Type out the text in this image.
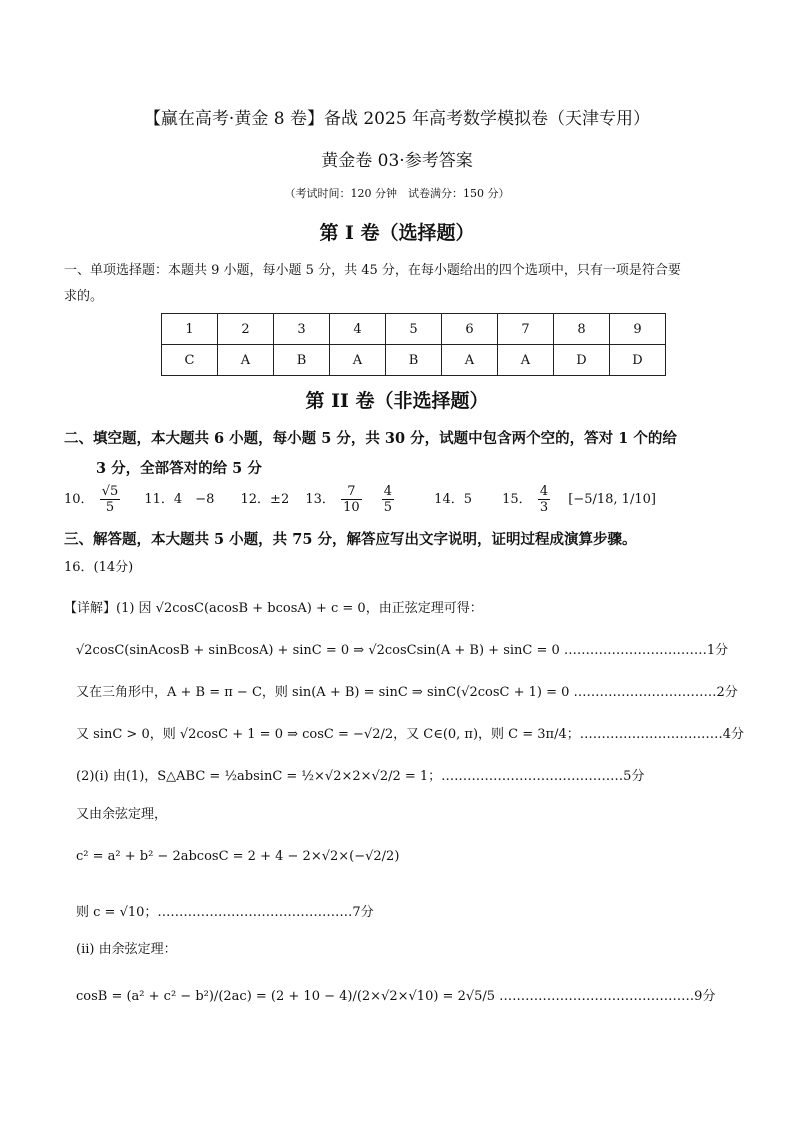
【赢在高考·黄金 8 卷】备战 2025 年高考数学模拟卷（天津专用）
黄金卷 03·参考答案
（考试时间：120 分钟　试卷满分：150 分）
第 I 卷（选择题）
一、单项选择题：本题共 9 小题，每小题 5 分，共 45 分，在每小题给出的四个选项中，只有一项是符合要
求的。
1	2	3	4	5	6	7	8	9
C	A	B	A	B	A	A	D	D
第 II 卷（非选择题）
二、填空题，本大题共 6 小题，每小题 5 分，共 30 分，试题中包含两个空的，答对 1 个的给
3 分，全部答对的给 5 分
10． $\frac{√5}{5} 11$．4　−8 12．±2 13． $\frac{7}{10}$
$\frac{4}{5}$	14．5 15． $\frac{4}{3} [-5/18$, 1/10]
三、解答题，本大题共 5 小题，共 75 分，解答应写出文字说明，证明过程成演算步骤。
16．(14分)
【详解】(1) 因 √2cosC(acosB + bcosA) + c = 0，由正弦定理可得：
√2cosC(sinAcosB + sinBcosA) + sinC = 0 ⇒ √2cosCsin(A + B) + sinC = 0 ……………………………1分
又在三角形中，A + B = π − C，则 sin(A + B) = sinC ⇒ sinC(√2cosC + 1) = 0 ……………………………2分
又 sinC > 0，则 √2cosC + 1 = 0 ⇒ cosC = −√2/2，又 C∈(0, π)，则 C = 3π/4；……………………………4分
(2)(ⅰ) 由(1)，S△ABC = ½absinC = ½×√2×2×√2/2 = 1；……………………………………5分
又由余弦定理，
c² = a² + b² − 2abcosC = 2 + 4 − 2×√2×(−√2/2)
则 c = √10；………………………………………7分
(ⅱ) 由余弦定理：
cosB = (a² + c² − b²)/(2ac) = (2 + 10 − 4)/(2×√2×√10) = 2√5/5 ………………………………………9分
